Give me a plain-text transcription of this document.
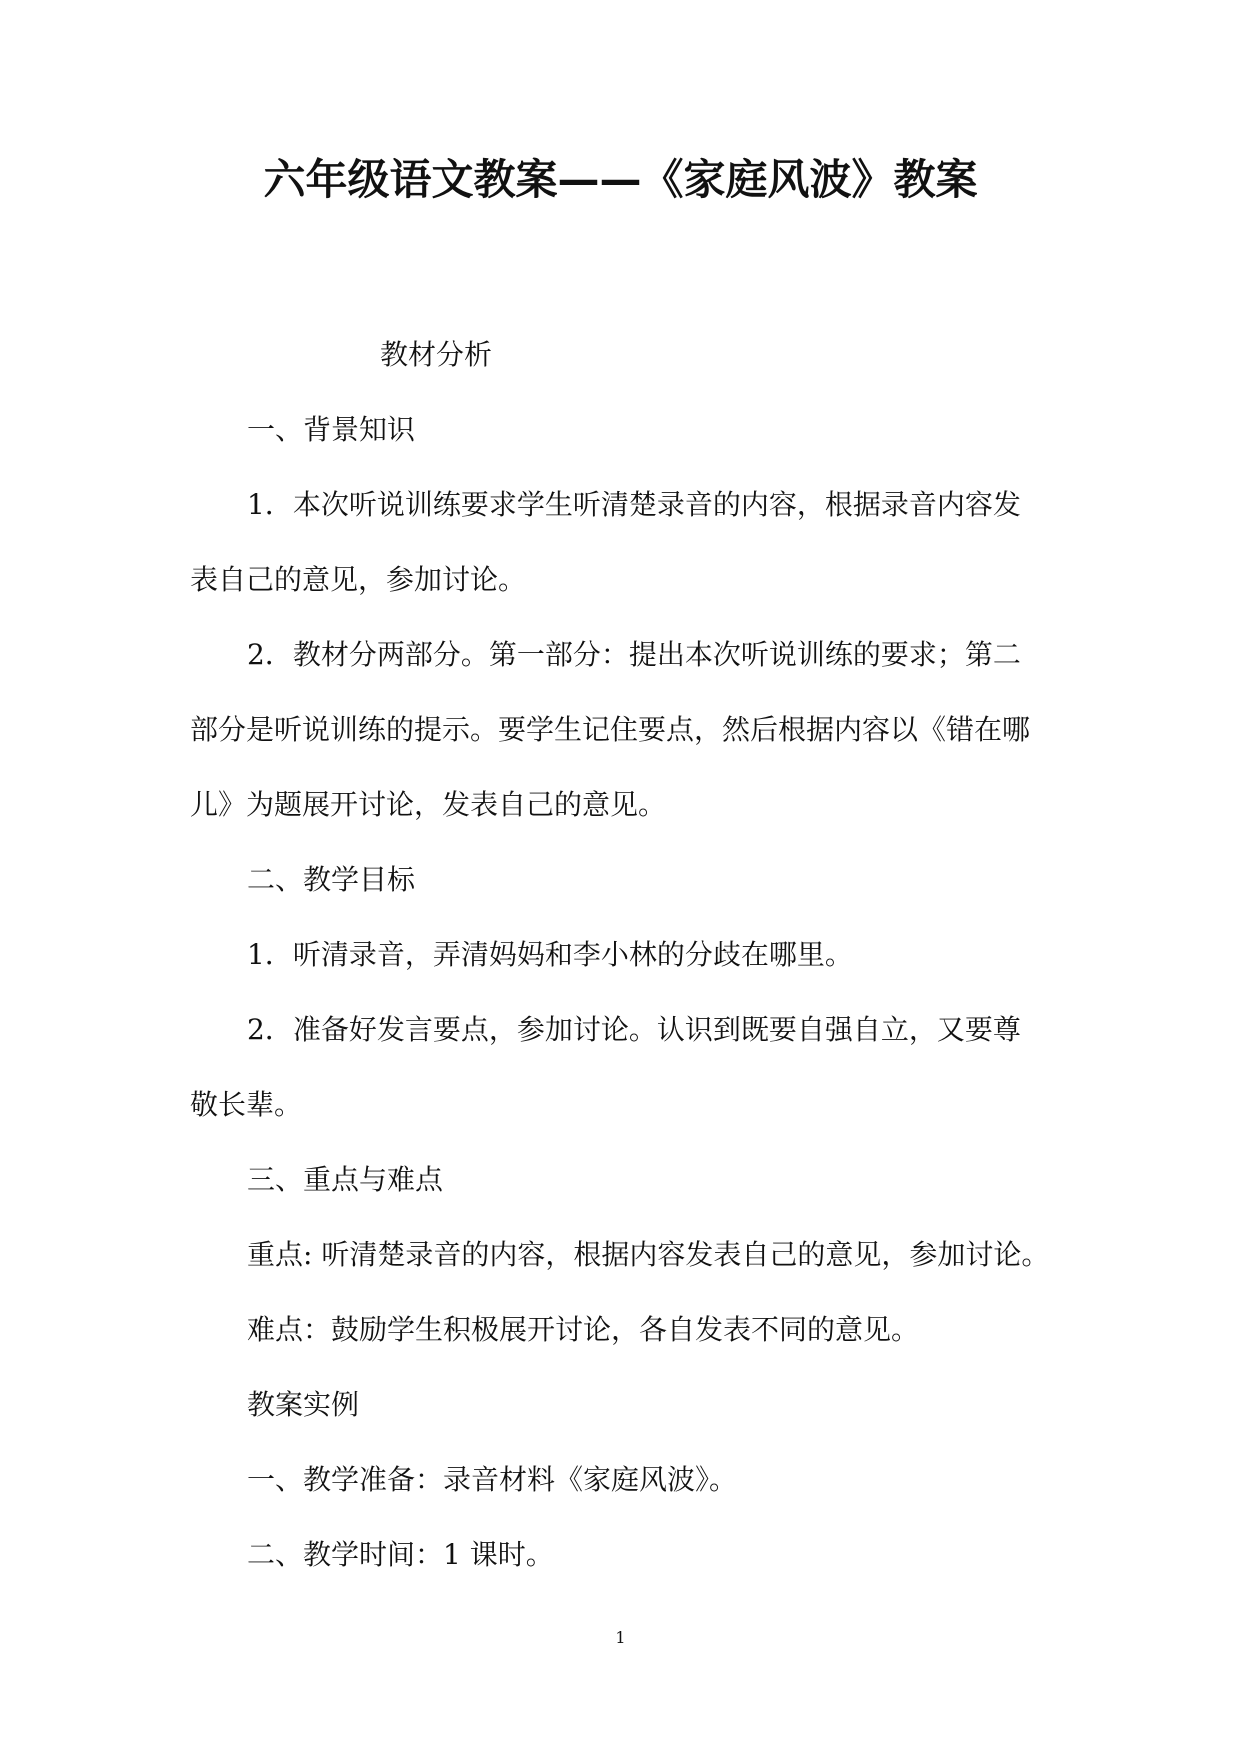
六年级语文教案——《家庭风波》教案
教材分析
一、背景知识
1．本次听说训练要求学生听清楚录音的内容，根据录音内容发
表自己的意见，参加讨论。
2．教材分两部分。第一部分：提出本次听说训练的要求；第二
部分是听说训练的提示。要学生记住要点，然后根据内容以《错在哪
儿》为题展开讨论，发表自己的意见。
二、教学目标
1．听清录音，弄清妈妈和李小林的分歧在哪里。
2．准备好发言要点，参加讨论。认识到既要自强自立，又要尊
敬长辈。
三、重点与难点
重点: 听清楚录音的内容，根据内容发表自己的意见，参加讨论。
难点：鼓励学生积极展开讨论，各自发表不同的意见。
教案实例
一、教学准备：录音材料《家庭风波》。
二、教学时间：1 课时。
1
